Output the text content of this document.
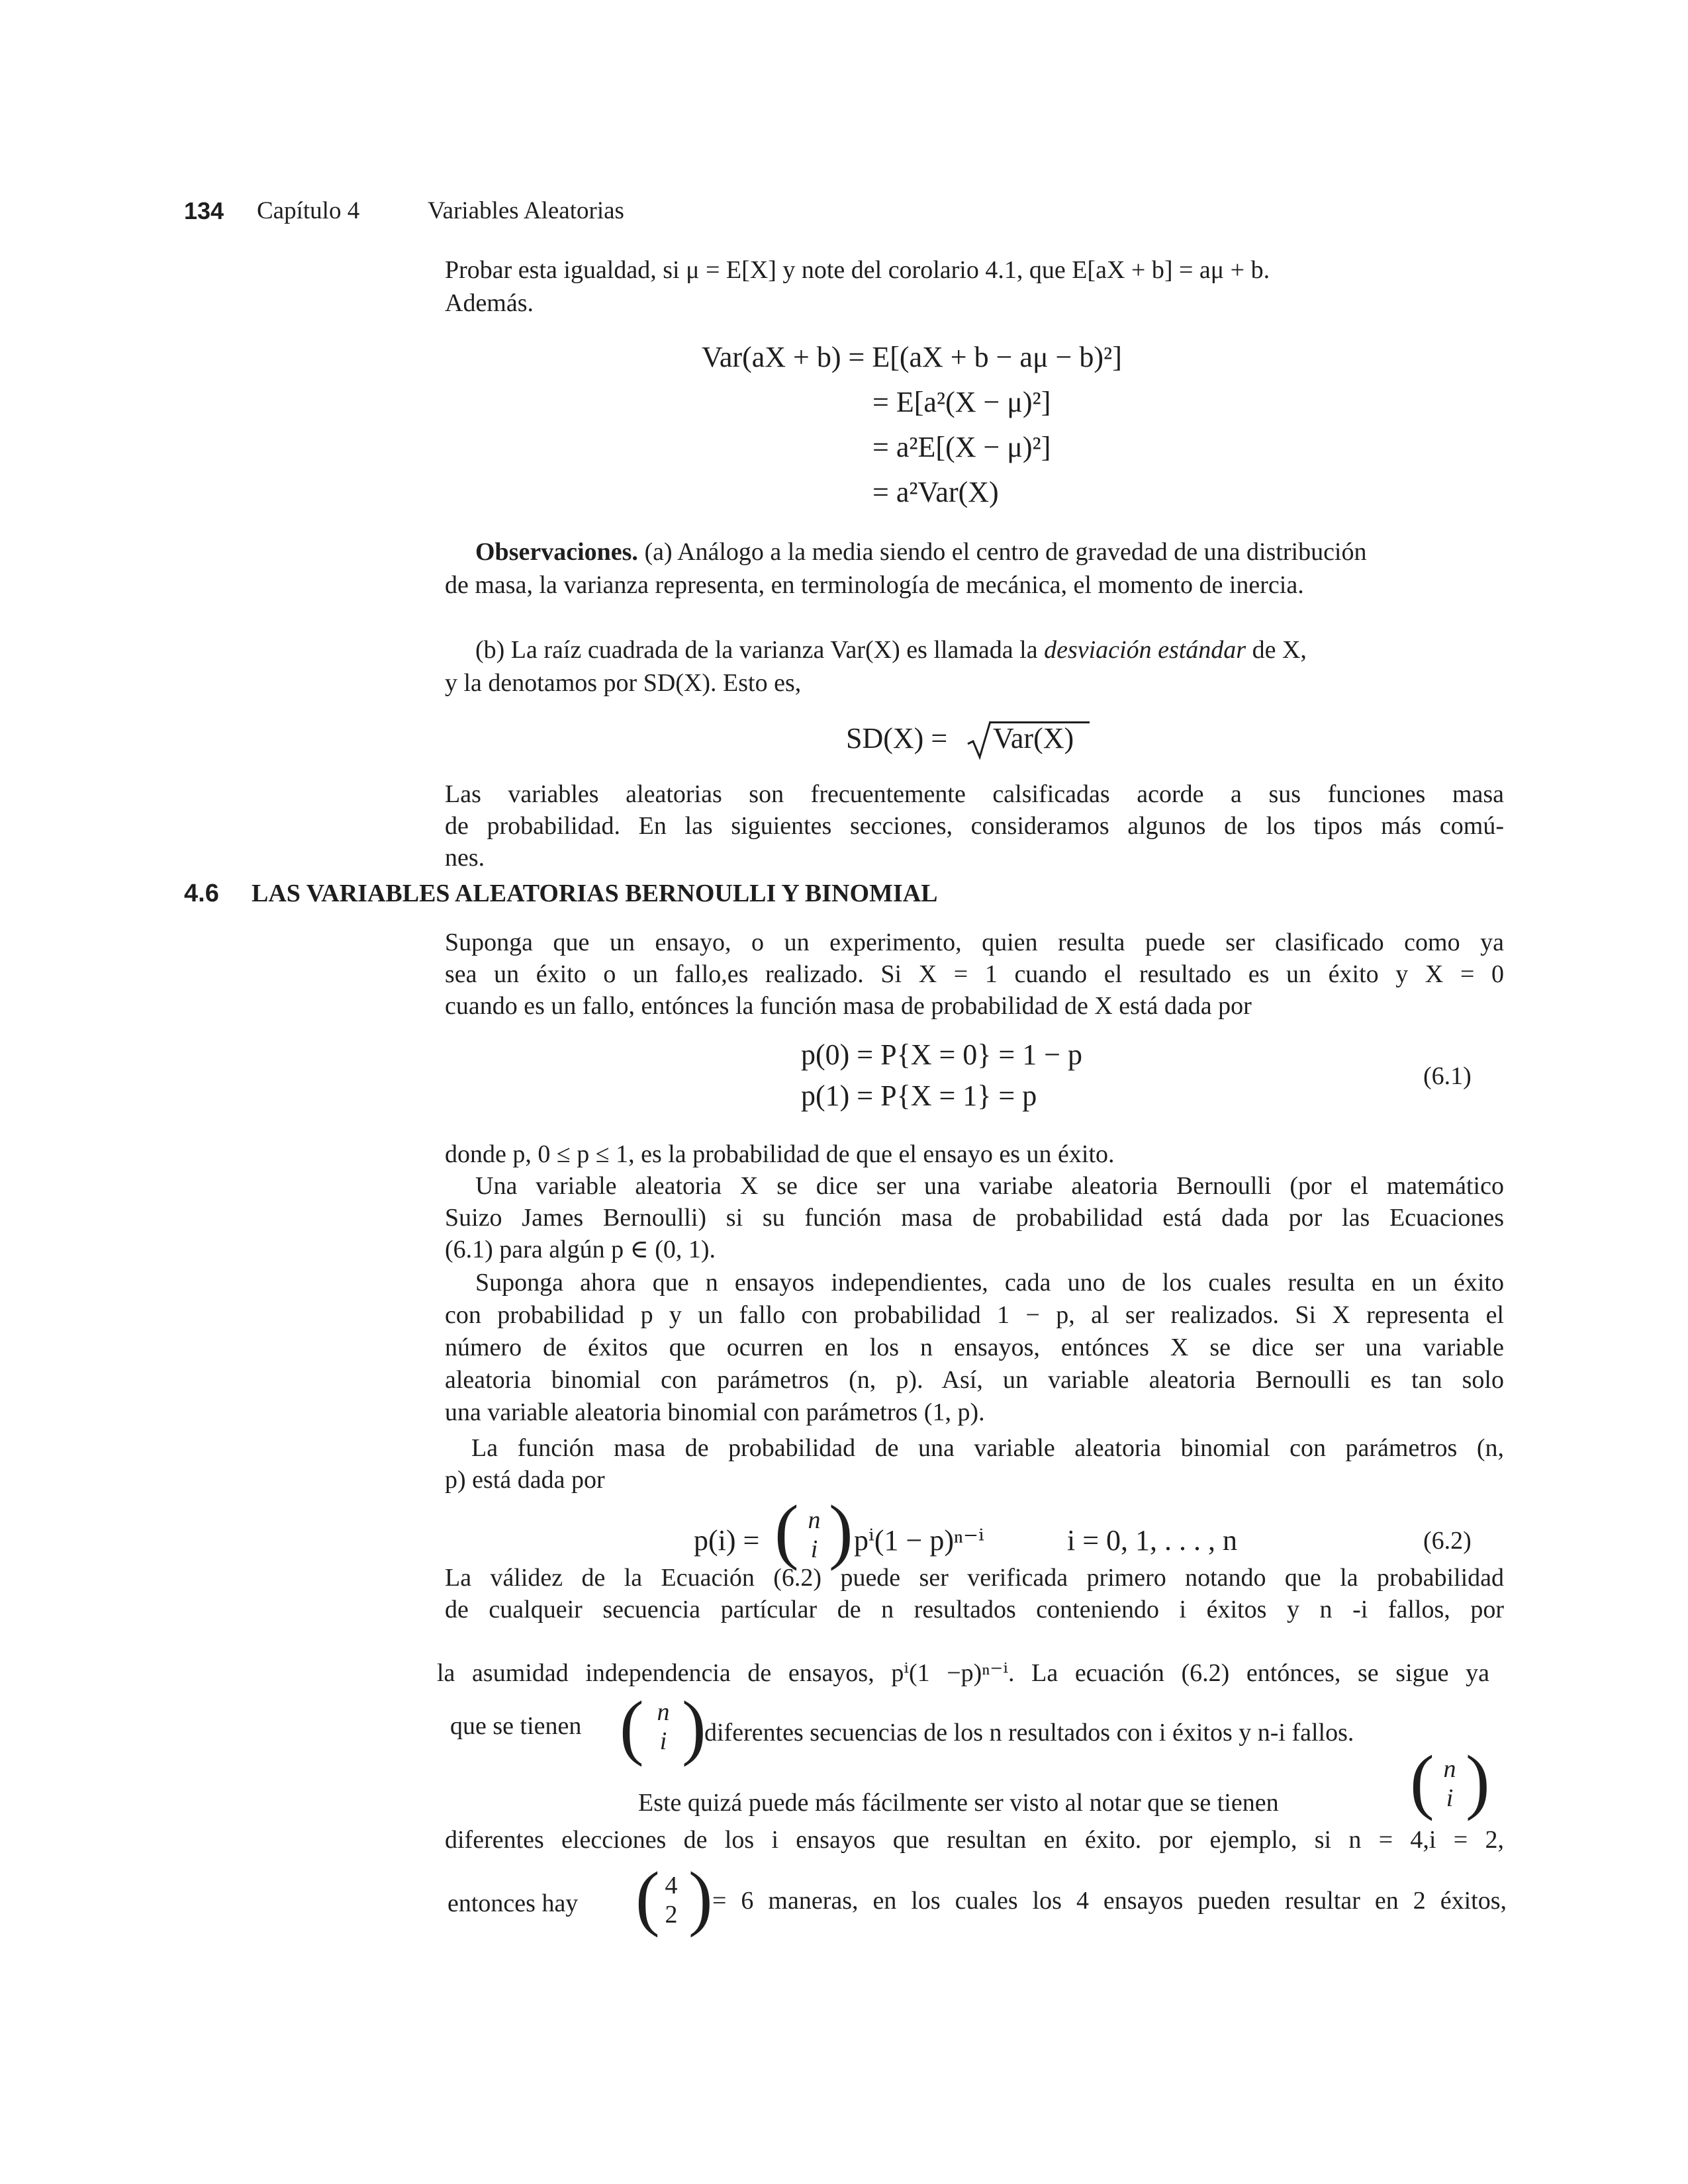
134 Capítulo 4	Variables Aleatorias
Probar esta igualdad, si μ = E[X] y note del corolario 4.1, que E[aX + b] = aμ + b.
Además.
Var(aX + b) = E[(aX + b − aμ − b)²]
= E[a²(X − μ)²]
= a²E[(X − μ)²]
= a²Var(X)
Observaciones. (a) Análogo a la media siendo el centro de gravedad de una distribución
de masa, la varianza representa, en terminología de mecánica, el momento de inercia.
(b) La raíz cuadrada de la varianza Var(X) es llamada la desviación estándar de X,
y la denotamos por SD(X). Esto es,
SD(X) = Var(X)
Las variables aleatorias son frecuentemente calsificadas acorde a sus funciones masa
de probabilidad. En las siguientes secciones, consideramos algunos de los tipos más comú-
nes.
4.6 LAS VARIABLES ALEATORIAS BERNOULLI Y BINOMIAL
Suponga que un ensayo, o un experimento, quien resulta puede ser clasificado como ya
sea un éxito o un fallo,es realizado. Si X = 1 cuando el resultado es un éxito y X = 0
cuando es un fallo, entónces la función masa de probabilidad de X está dada por
p(0) = P{X = 0} = 1 − p
p(1) = P{X = 1} = p
(6.1)
donde p, 0 ≤ p ≤ 1, es la probabilidad de que el ensayo es un éxito.
Una variable aleatoria X se dice ser una variabe aleatoria Bernoulli (por el matemático
Suizo James Bernoulli) si su función masa de probabilidad está dada por las Ecuaciones
(6.1) para algún p ∈ (0, 1).
Suponga ahora que n ensayos independientes, cada uno de los cuales resulta en un éxito
con probabilidad p y un fallo con probabilidad 1 − p, al ser realizados. Si X representa el
número de éxitos que ocurren en los n ensayos, entónces X se dice ser una variable
aleatoria binomial con parámetros (n, p). Así, un variable aleatoria Bernoulli es tan solo
una variable aleatoria binomial con parámetros (1, p).
La función masa de probabilidad de una variable aleatoria binomial con parámetros (n,
p) está dada por
p(i) = ( n
i ) pⁱ(1 − p)ⁿ⁻ⁱ	i = 0, 1, . . . , n	(6.2)
La válidez de la Ecuación (6.2) puede ser verificada primero notando que la probabilidad
de cualqueir secuencia partícular de n resultados conteniendo i éxitos y n -i fallos, por
la asumidad independencia de ensayos, pⁱ(1 −p)ⁿ⁻ⁱ. La ecuación (6.2) entónces, se sigue ya
que se tienen ( n
i )
diferentes secuencias de los n resultados con i éxitos y n-i fallos.
Este quizá puede más fácilmente ser visto al notar que se tienen ( n
i )
diferentes elecciones de los i ensayos que resultan en éxito. por ejemplo, si n = 4,i = 2,
entonces hay ( 4
2 ) = 6 maneras, en los cuales los 4 ensayos pueden resultar en 2 éxitos,
